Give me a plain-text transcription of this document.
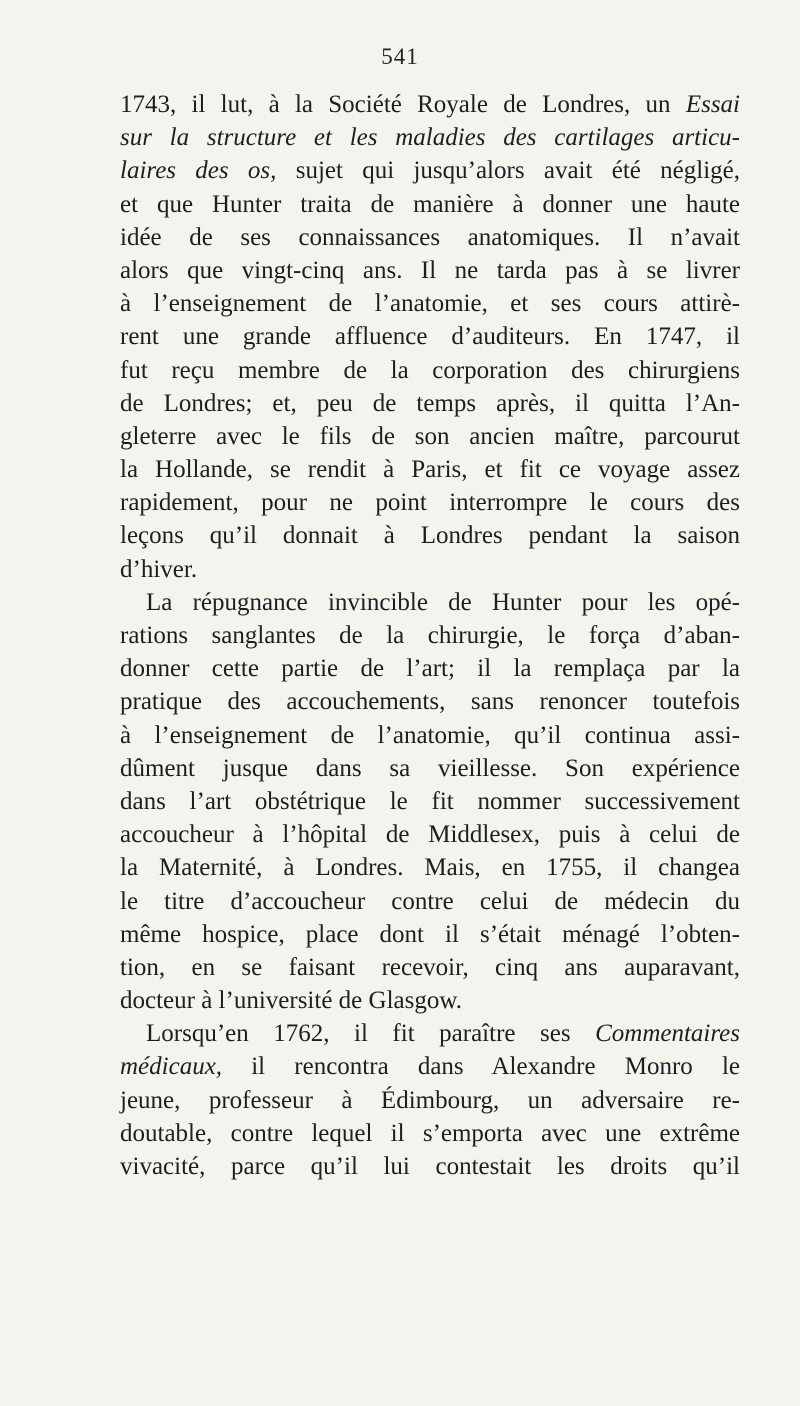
541
1743, il lut, à la Société Royale de Londres, un Essai
sur la structure et les maladies des cartilages articu-
laires des os, sujet qui jusqu’alors avait été négligé,
et que Hunter traita de manière à donner une haute
idée de ses connaissances anatomiques. Il n’avait
alors que vingt-cinq ans. Il ne tarda pas à se livrer
à l’enseignement de l’anatomie, et ses cours attirè-
rent une grande affluence d’auditeurs. En 1747, il
fut reçu membre de la corporation des chirurgiens
de Londres; et, peu de temps après, il quitta l’An-
gleterre avec le fils de son ancien maître, parcourut
la Hollande, se rendit à Paris, et fit ce voyage assez
rapidement, pour ne point interrompre le cours des
leçons qu’il donnait à Londres pendant la saison
d’hiver.
La répugnance invincible de Hunter pour les opé-
rations sanglantes de la chirurgie, le força d’aban-
donner cette partie de l’art; il la remplaça par la
pratique des accouchements, sans renoncer toutefois
à l’enseignement de l’anatomie, qu’il continua assi-
dûment jusque dans sa vieillesse. Son expérience
dans l’art obstétrique le fit nommer successivement
accoucheur à l’hôpital de Middlesex, puis à celui de
la Maternité, à Londres. Mais, en 1755, il changea
le titre d’accoucheur contre celui de médecin du
même hospice, place dont il s’était ménagé l’obten-
tion, en se faisant recevoir, cinq ans auparavant,
docteur à l’université de Glasgow.
Lorsqu’en 1762, il fit paraître ses Commentaires
médicaux, il rencontra dans Alexandre Monro le
jeune, professeur à Édimbourg, un adversaire re-
doutable, contre lequel il s’emporta avec une extrême
vivacité, parce qu’il lui contestait les droits qu’il
